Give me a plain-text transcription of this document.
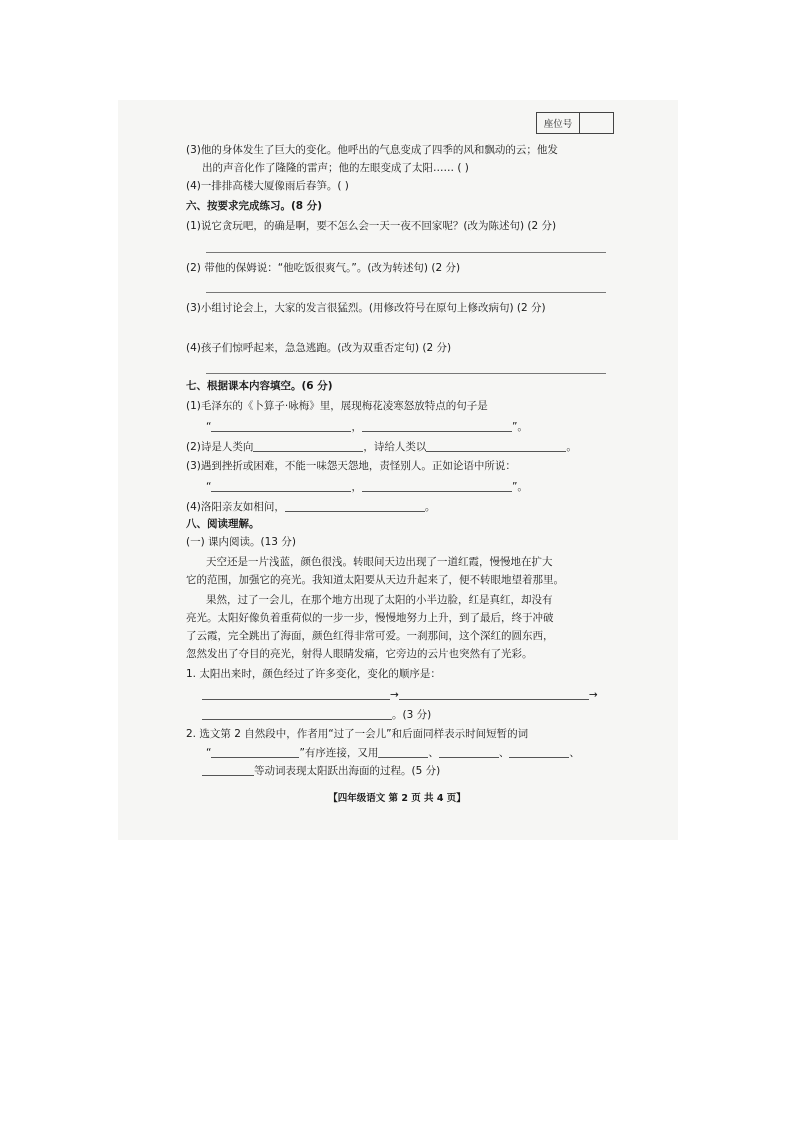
座位号
(3)他的身体发生了巨大的变化。他呼出的气息变成了四季的风和飘动的云；他发
出的声音化作了隆隆的雷声；他的左眼变成了太阳…… ( )
(4)一排排高楼大厦像雨后春笋。( )
六、按要求完成练习。(8 分)
(1)说它贪玩吧，的确是啊，要不怎么会一天一夜不回家呢？(改为陈述句) (2 分)
(2) 带他的保姆说：“他吃饭很爽气。”。(改为转述句) (2 分)
(3)小组讨论会上，大家的发言很猛烈。(用修改符号在原句上修改病句) (2 分)
(4)孩子们惊呼起来，急急逃跑。(改为双重否定句) (2 分)
七、根据课本内容填空。(6 分)
(1)毛泽东的《卜算子·咏梅》里，展现梅花凌寒怒放特点的句子是
“	，	”。
(2)诗是人类向	，诗给人类以	。
(3)遇到挫折或困难，不能一味怨天怨地，责怪别人。正如论语中所说：
“	，	”。
(4)洛阳亲友如相问，	。
八、阅读理解。
(一) 课内阅读。(13 分)
天空还是一片浅蓝，颜色很浅。转眼间天边出现了一道红霞，慢慢地在扩大
它的范围，加强它的亮光。我知道太阳要从天边升起来了，便不转眼地望着那里。
果然，过了一会儿，在那个地方出现了太阳的小半边脸，红是真红，却没有
亮光。太阳好像负着重荷似的一步一步，慢慢地努力上升，到了最后，终于冲破
了云霞，完全跳出了海面，颜色红得非常可爱。一刹那间，这个深红的圆东西，
忽然发出了夺目的亮光，射得人眼睛发痛，它旁边的云片也突然有了光彩。
1. 太阳出来时，颜色经过了许多变化，变化的顺序是：
→	→
。(3 分)
2. 选文第 2 自然段中，作者用“过了一会儿”和后面同样表示时间短暂的词
“	”有序连接，又用	、	、	、
等动词表现太阳跃出海面的过程。(5 分)
【四年级语文 第 2 页 共 4 页】
